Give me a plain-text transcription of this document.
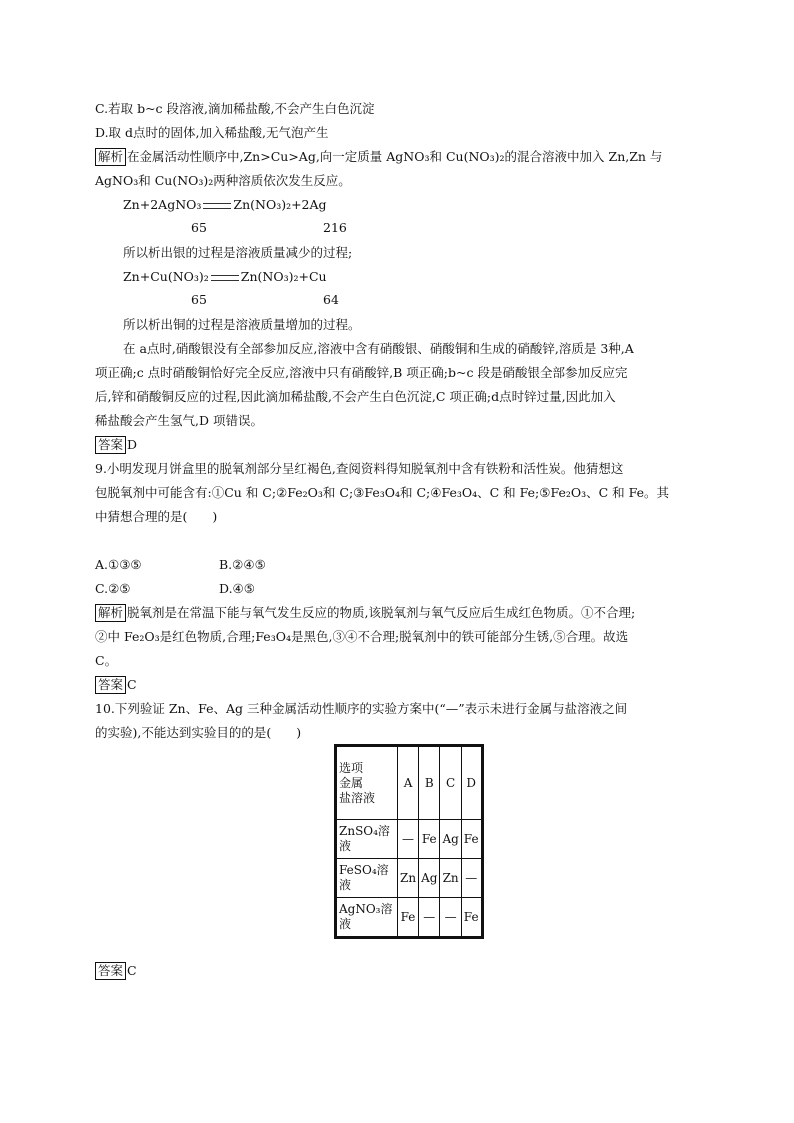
C.若取 b~c 段溶液,滴加稀盐酸,不会产生白色沉淀
D.取 d点时的固体,加入稀盐酸,无气泡产生
解析 在金属活动性顺序中,Zn>Cu>Ag,向一定质量 AgNO₃和 Cu(NO₃)₂的混合溶液中加入 Zn,Zn 与
AgNO₃和 Cu(NO₃)₂两种溶质依次发生反应。
Zn+2AgNO₃	Zn(NO₃)₂+2Ag
65	216
所以析出银的过程是溶液质量减少的过程;
Zn+Cu(NO₃)₂	Zn(NO₃)₂+Cu
65	64
所以析出铜的过程是溶液质量增加的过程。
在 a点时,硝酸银没有全部参加反应,溶液中含有硝酸银、硝酸铜和生成的硝酸锌,溶质是 3种,A
项正确;c 点时硝酸铜恰好完全反应,溶液中只有硝酸锌,B 项正确;b~c 段是硝酸银全部参加反应完
后,锌和硝酸铜反应的过程,因此滴加稀盐酸,不会产生白色沉淀,C 项正确;d点时锌过量,因此加入
稀盐酸会产生氢气,D 项错误。
答案 D
9.小明发现月饼盒里的脱氧剂部分呈红褐色,查阅资料得知脱氧剂中含有铁粉和活性炭。他猜想这
包脱氧剂中可能含有:①Cu 和 C;②Fe₂O₃和 C;③Fe₃O₄和 C;④Fe₃O₄、C 和 Fe;⑤Fe₂O₃、C 和 Fe。其
中猜想合理的是(　　)
A.①③⑤	B.②④⑤
C.②⑤	D.④⑤
解析 脱氧剂是在常温下能与氧气发生反应的物质,该脱氧剂与氧气反应后生成红色物质。①不合理;
②中 Fe₂O₃是红色物质,合理;Fe₃O₄是黑色,③④不合理;脱氧剂中的铁可能部分生锈,⑤合理。故选
C。
答案 C
10.下列验证 Zn、Fe、Ag 三种金属活动性顺序的实验方案中(“—”表示未进行金属与盐溶液之间
的实验),不能达到实验目的的是(　　)
选项
金属
盐溶液	A	B	C	D
ZnSO₄溶液	—	Fe	Ag	Fe
FeSO₄溶液	Zn	Ag	Zn	—
AgNO₃溶液	Fe	—	—	Fe
答案 C
